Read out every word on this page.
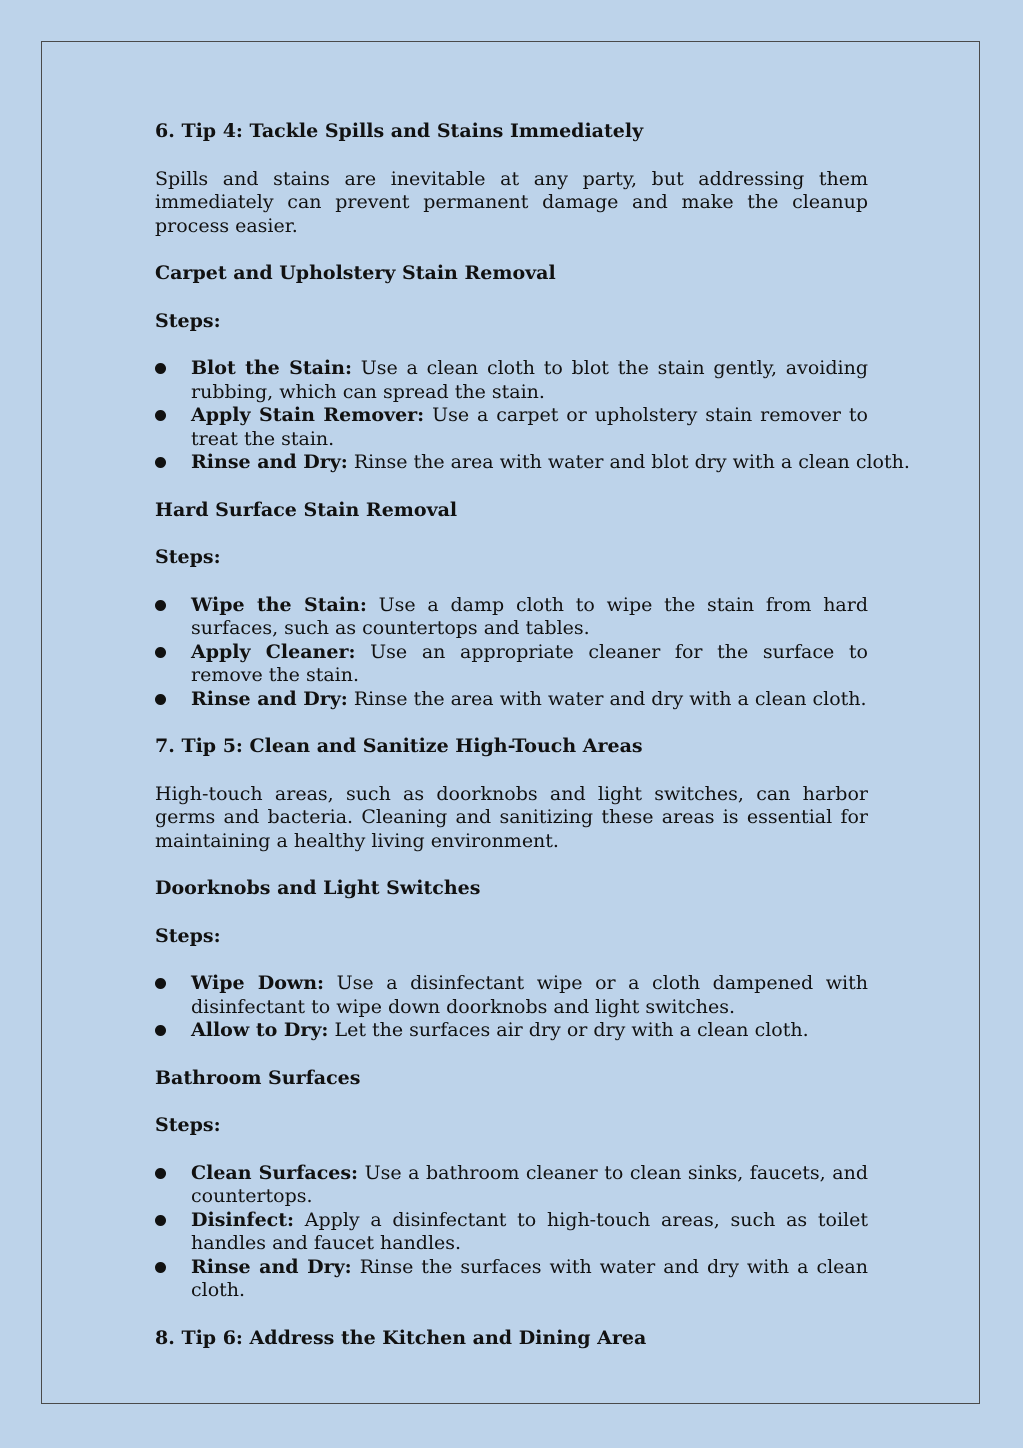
6. Tip 4: Tackle Spills and Stains Immediately
Spills and stains are inevitable at any party, but addressing them immediately can prevent permanent damage and make the cleanup process easier.
Carpet and Upholstery Stain Removal
Steps:
Blot the Stain: Use a clean cloth to blot the stain gently, avoiding rubbing, which can spread the stain.
Apply Stain Remover: Use a carpet or upholstery stain remover to treat the stain.
Rinse and Dry: Rinse the area with water and blot dry with a clean cloth.
Hard Surface Stain Removal
Steps:
Wipe the Stain: Use a damp cloth to wipe the stain from hard surfaces, such as countertops and tables.
Apply Cleaner: Use an appropriate cleaner for the surface to remove the stain.
Rinse and Dry: Rinse the area with water and dry with a clean cloth.
7. Tip 5: Clean and Sanitize High-Touch Areas
High-touch areas, such as doorknobs and light switches, can harbor germs and bacteria. Cleaning and sanitizing these areas is essential for maintaining a healthy living environment.
Doorknobs and Light Switches
Steps:
Wipe Down: Use a disinfectant wipe or a cloth dampened with disinfectant to wipe down doorknobs and light switches.
Allow to Dry: Let the surfaces air dry or dry with a clean cloth.
Bathroom Surfaces
Steps:
Clean Surfaces: Use a bathroom cleaner to clean sinks, faucets, and countertops.
Disinfect: Apply a disinfectant to high-touch areas, such as toilet handles and faucet handles.
Rinse and Dry: Rinse the surfaces with water and dry with a clean cloth.
8. Tip 6: Address the Kitchen and Dining Area
